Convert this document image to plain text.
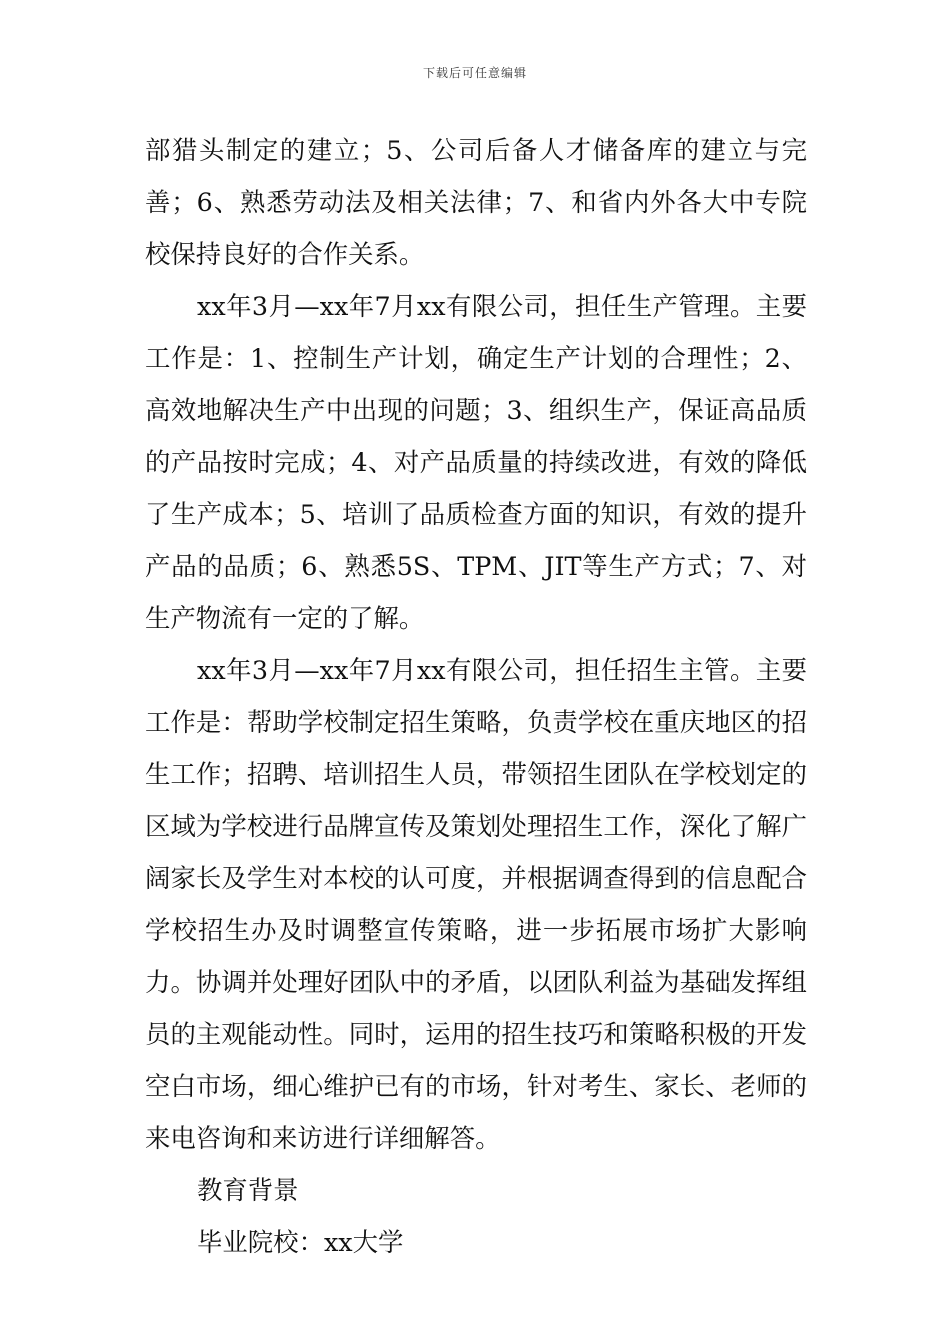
下载后可任意编辑

部猎头制定的建立；5、公司后备人才储备库的建立与完善；6、熟悉劳动法及相关法律；7、和省内外各大中专院校保持良好的合作关系。

xx年3月—xx年7月xx有限公司，担任生产管理。主要工作是：1、控制生产计划，确定生产计划的合理性；2、高效地解决生产中出现的问题；3、组织生产，保证高品质的产品按时完成；4、对产品质量的持续改进，有效的降低了生产成本；5、培训了品质检查方面的知识，有效的提升产品的品质；6、熟悉5S、TPM、JIT等生产方式；7、对生产物流有一定的了解。

xx年3月—xx年7月xx有限公司，担任招生主管。主要工作是：帮助学校制定招生策略，负责学校在重庆地区的招生工作；招聘、培训招生人员，带领招生团队在学校划定的区域为学校进行品牌宣传及策划处理招生工作，深化了解广阔家长及学生对本校的认可度，并根据调查得到的信息配合学校招生办及时调整宣传策略，进一步拓展市场扩大影响力。协调并处理好团队中的矛盾，以团队利益为基础发挥组员的主观能动性。同时，运用的招生技巧和策略积极的开发空白市场，细心维护已有的市场，针对考生、家长、老师的来电咨询和来访进行详细解答。

教育背景

毕业院校：xx大学
